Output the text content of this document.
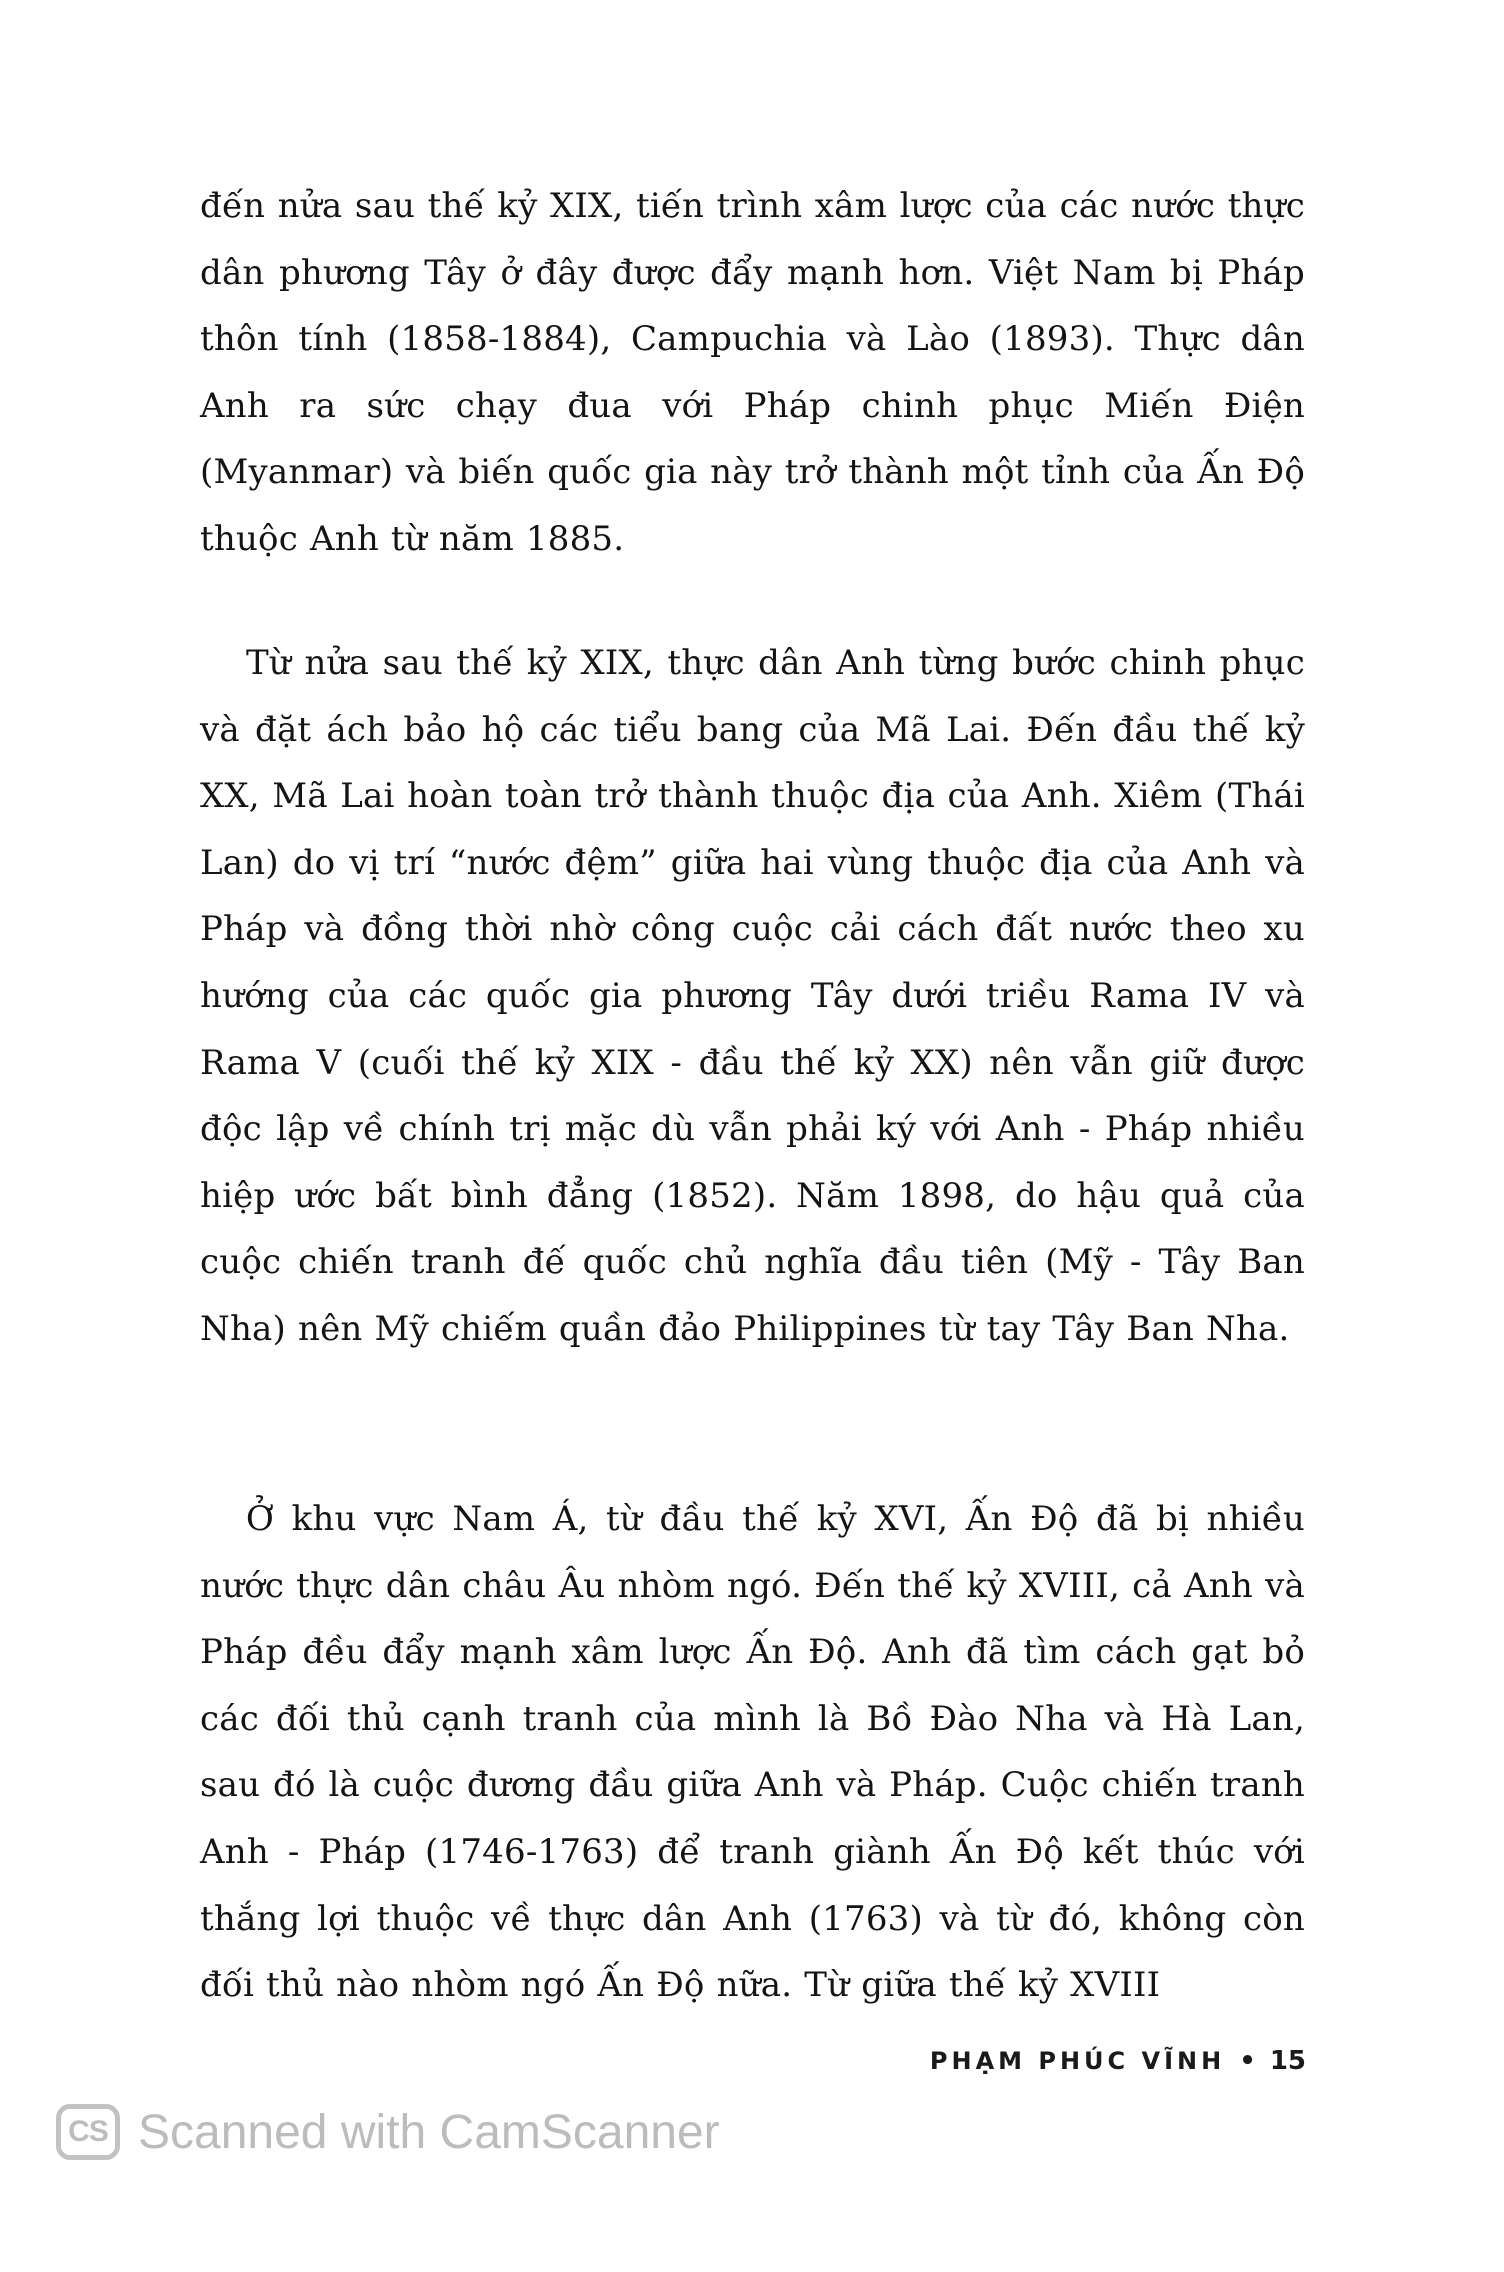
đến nửa sau thế kỷ XIX, tiến trình xâm lược của các nước thực dân phương Tây ở đây được đẩy mạnh hơn. Việt Nam bị Pháp thôn tính (1858-1884), Campuchia và Lào (1893). Thực dân Anh ra sức chạy đua với Pháp chinh phục Miến Điện (Myanmar) và biến quốc gia này trở thành một tỉnh của Ấn Độ thuộc Anh từ năm 1885.

Từ nửa sau thế kỷ XIX, thực dân Anh từng bước chinh phục và đặt ách bảo hộ các tiểu bang của Mã Lai. Đến đầu thế kỷ XX, Mã Lai hoàn toàn trở thành thuộc địa của Anh. Xiêm (Thái Lan) do vị trí “nước đệm” giữa hai vùng thuộc địa của Anh và Pháp và đồng thời nhờ công cuộc cải cách đất nước theo xu hướng của các quốc gia phương Tây dưới triều Rama IV và Rama V (cuối thế kỷ XIX - đầu thế kỷ XX) nên vẫn giữ được độc lập về chính trị mặc dù vẫn phải ký với Anh - Pháp nhiều hiệp ước bất bình đẳng (1852). Năm 1898, do hậu quả của cuộc chiến tranh đế quốc chủ nghĩa đầu tiên (Mỹ - Tây Ban Nha) nên Mỹ chiếm quần đảo Philippines từ tay Tây Ban Nha.

Ở khu vực Nam Á, từ đầu thế kỷ XVI, Ấn Độ đã bị nhiều nước thực dân châu Âu nhòm ngó. Đến thế kỷ XVIII, cả Anh và Pháp đều đẩy mạnh xâm lược Ấn Độ. Anh đã tìm cách gạt bỏ các đối thủ cạnh tranh của mình là Bồ Đào Nha và Hà Lan, sau đó là cuộc đương đầu giữa Anh và Pháp. Cuộc chiến tranh Anh - Pháp (1746-1763) để tranh giành Ấn Độ kết thúc với thắng lợi thuộc về thực dân Anh (1763) và từ đó, không còn đối thủ nào nhòm ngó Ấn Độ nữa. Từ giữa thế kỷ XVIII

PHẠM PHÚC VĨNH • 15
CS Scanned with CamScanner
